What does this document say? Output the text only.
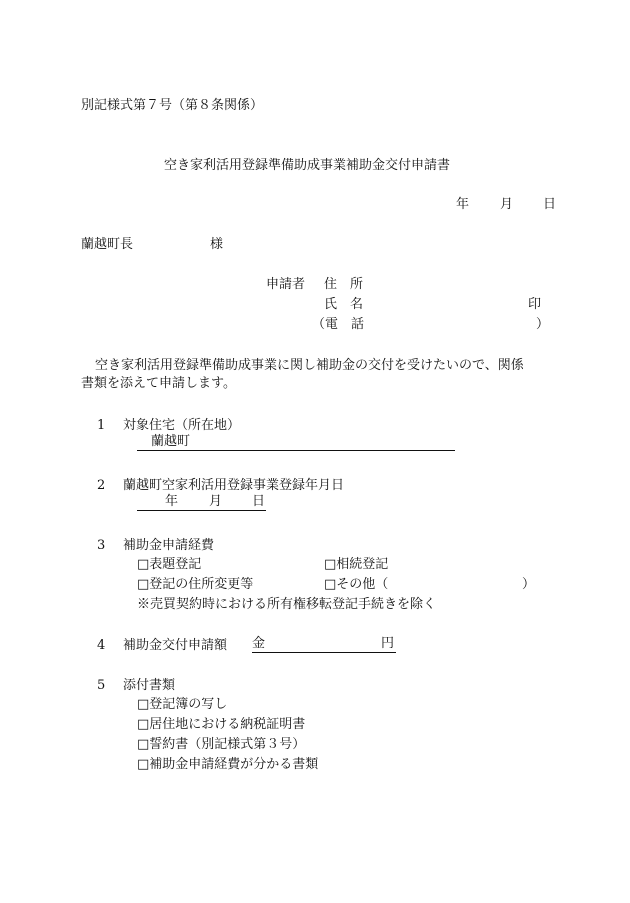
別記様式第７号（第８条関係）
空き家利活用登録準備助成事業補助金交付申請書
年 月 日
蘭越町長	様
申請者 住　所
氏　名	印
（電　話	）
空き家利活用登録準備助成事業に関し補助金の交付を受けたいので、関係
書類を添えて申請します。
1 対象住宅（所在地）
蘭越町
2 蘭越町空家利活用登録事業登録年月日
年 月 日
3 補助金申請経費
□表題登記	□相続登記
□登記の住所変更等	□その他（	）
※売買契約時における所有権移転登記手続きを除く
4 補助金交付申請額 金	円
5 添付書類
□登記簿の写し
□居住地における納税証明書
□誓約書（別記様式第３号）
□補助金申請経費が分かる書類
